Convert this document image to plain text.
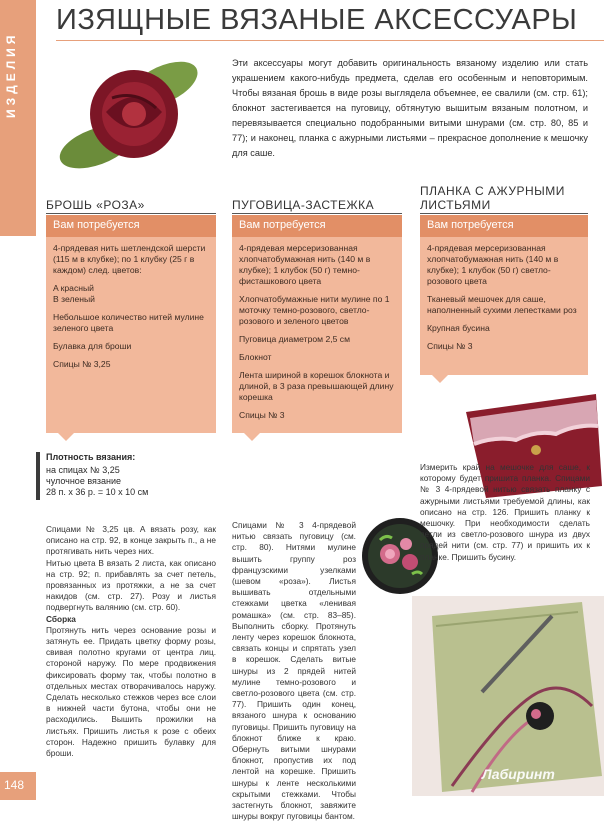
ИЗДЕЛИЯ
ИЗЯЩНЫЕ ВЯЗАНЫЕ АКСЕССУАРЫ

Эти аксессуары могут добавить оригинальность вязаному изделию или стать украшением какого-нибудь предмета, сделав его особенным и неповторимым. Чтобы вязаная брошь в виде розы выглядела объемнее, ее свалили (см. стр. 61); блокнот застегивается на пуговицу, обтянутую вышитым вязаным полотном, и перевязывается специально подобранными витыми шнурами (см. стр. 80, 85 и 77); и наконец, планка с ажурными листьями – прекрасное дополнение к мешочку для саше.

БРОШЬ «РОЗА»	ПУГОВИЦА-ЗАСТЕЖКА
ПЛАНКА С АЖУРНЫМИ ЛИСТЬЯМИ
Вам потребуется

4-прядевая нить шетлендской шерсти (115 м в клубке); по 1 клубку (25 г в каждом) след. цветов:

A красный

B зеленый

Небольшое количество нитей мулине зеленого цвета

Булавка для броши

Спицы № 3,25

Вам потребуется

4-прядевая мерсеризованная хлопчатобумажная нить (140 м в клубке); 1 клубок (50 г) темно-фисташкового цвета

Хлопчатобумажные нити мулине по 1 моточку темно-розового, светло-розового и зеленого цветов

Пуговица диаметром 2,5 см

Блокнот

Лента шириной в корешок блокнота и длиной, в 3 раза превышающей длину корешка

Спицы № 3

Вам потребуется

4-прядевая мерсеризованная хлопчатобумажная нить (140 м в клубке); 1 клубок (50 г) светло-розового цвета

Тканевый мешочек для саше, наполненный сухими лепестками роз

Крупная бусина

Спицы № 3

Плотность вязания:
на спицах № 3,25
чулочное вязание
28 п. x 36 р. = 10 x 10 см

Спицами № 3,25 цв. А вязать розу, как описано на стр. 92, в конце закрыть п., а не протягивать нить через них.

Нитью цвета В вязать 2 листа, как описано на стр. 92; п. прибавлять за счет петель, провязанных из протяжки, а не за счет накидов (см. стр. 27). Розу и листья подвергнуть валянию (см. стр. 60).

Сборка

Протянуть нить через основание розы и затянуть ее. Придать цветку форму розы, свивая полотно кругами от центра лиц. стороной наружу. По мере продвижения фиксировать форму так, чтобы полотно в отдельных местах отворачивалось наружу. Сделать несколько стежков через все слои в нижней части бутона, чтобы они не расходились. Вышить прожилки на листьях. Пришить листья к розе с обеих сторон. Надежно пришить булавку для броши.

Спицами № 3 4-прядевой нитью связать пуговицу (см. стр. 80). Нитями мулине вышить группу роз французскими узелками (шевом «роза»). Листья вышивать отдельными стежками цветка «ленивая ромашка» (см. стр. 83–85). Выполнить сборку. Протянуть ленту через корешок блокнота, связать концы и спрятать узел в корешок. Сделать витые шнуры из 2 прядей нитей мулине темно-розового и светло-розового цвета (см. стр. 77). Пришить один конец, вязаного шнура к основанию пуговицы. Пришить пуговицу на блокнот ближе к краю. Обернуть витыми шнурами блокнот, пропустив их под лентой на корешке. Пришить шнуры к ленте несколькими скрытыми стежками. Чтобы застегнуть блокнот, завяжите шнуры вокруг пуговицы бантом.

Измерить край на мешочке для саше, к которому будет пришита планка. Спицами № 3 4-прядевой нитью связать планку с ажурными листьями требуемой длины, как описано на стр. 126. Пришить планку к мешочку. При необходимости сделать петли из светло-розового шнура из двух прядей нити (см. стр. 77) и пришить их к планке. Пришить бусину.

148
Лабиринт
